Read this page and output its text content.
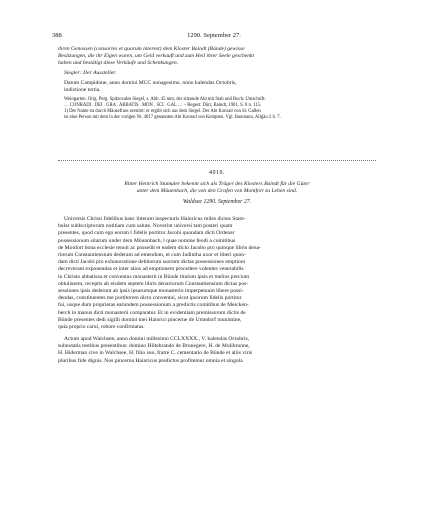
388	1290. September 27.
ihren Genossen (consortes et quorum interest) dem Kloster Baindt (Bünde) gewisse
Besitzungen, die ihr Eigen waren, um Geld verkauft und zum Heil ihrer Seele geschenkt
haben und bestätigt diese Verkäufe und Schenkungen.
Siegler: Der Aussteller.
Datum Campidone, anno domini MCC nonagesimo, nono kalendas Octobris,
indictione tertia.
Weingarten. Orig. Perg. Spitzovales Siegel, s. Abb. 45 mm, der sitzende Abt mit Stab und Buch; Umschrift:
… CONRADI . DEI . GRA . ABBATIS . MON . SCI . GAL … – Regest: Dürr, Baindt, 1901, S. 8 n. 115.
1) Der Name ist durch Mäusefrass zerstört: er ergibt sich aus dem Siegel. Der Abt Konrad von St. Gallen
ist eine Person mit dem in der vorigen Nr. 4017 genannten Abt Konrad von Kempten. Vgl. Baumann, Allgäu 2 S. 7.
4019.
Ritter Heinrich Stamuler bekennt sich als Träger des Klosters Baindt für die Güter
unter dem Mäuenbach, die von den Grafen von Montfort zu Lehen sind.
Waldsee 1290. September 27.
Universis Christi fidelibus hanc litteram inspecturis Hainricus miles dictus Stam-
bular sub‖scriptorum notitiam cum salute. Noverint universi tam posteri quam
presentes, quod cum ego eorum ‖ fidelis portitor Jacobi quondam dicti Ordenar
possessionum sitarum under dem Möunnbach, ‖ quae nomine feodi a comitibus
de Monfort bona ecclesie tenuit ac possedit et eadem dicto Jacobo pro quinque libris dena-
riorum Constantiensium dederam ad emendum, et cum Judintha uxor et liberi quon-
dam dicti Jacobi pro exhonoratione debitorum suorum dictas possessiones emptioni
decreverant exponendas et inter alios ad emptionem procedere volentes venerabilis
in Christo abbatissa et conventus monasterii in Bünde titulum ipsis et melius precium
obtulissent, receptis ab eisdem septem libris denariorum Constantiensium dictas pos-
sessiones ipsis dederunt ab ipsis ipsarumque monasterio imperpetuum libere possi-
dendas, constituentes me portitorem dicto conventui, sicut ipsorum fidelis portitor
fui, usque dum proprietas earundem possessionum a predictis comitibus de Meicken-
berch in manus dicti monasterii comparatur. Et in evidentiam premissorum dictis de
Bünde presentes dedi sigilli domini mei Hainrici pincerne de Umndorf munimine,
quia proprio carui, robore confirmatas.
Actum apud Walchsee, anno domini millesimo CCLXXXX., V. kalendas Octobris,
subnotatis testibus presentibus: domino Hiltebrando de Brunegere, H. de Molibrunne,
H. Hiderman cive in Walchsee, H. filio suo, fratre C. cementario de Bünde et aliis viris
pluribus fide dignis. Nos pincerna Hainricus predictus profitemur omnia et singula
